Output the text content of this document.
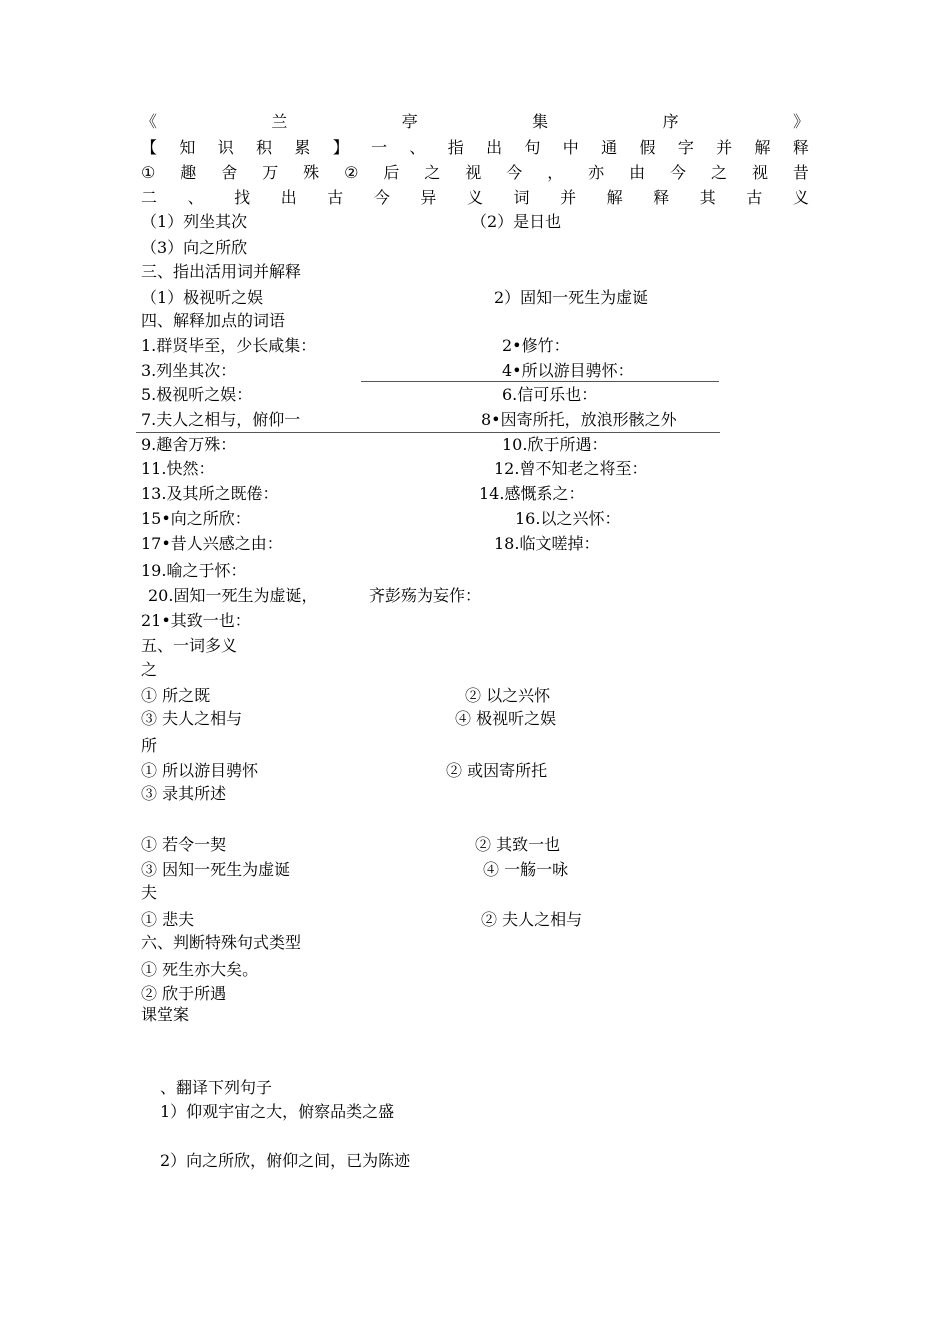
《	兰	亭	集	序	》
【 知 识 积 累 】 一 、 指 出 句 中 通 假 字 并 解 释
① 趣 舍 万 殊 ② 后 之 视 今 ， 亦 由 今 之 视 昔
二 、 找 出 古 今 异 义 词 并 解 释 其 古 义
（1）列坐其次	（2）是日也
（3）向之所欣
三、指出活用词并解释
（1）极视听之娱	2）固知一死生为虚诞
四、解释加点的词语
1.群贤毕至，少长咸集：	2•修竹：
3.列坐其次：	4•所以游目骋怀：
5.极视听之娱：	6.信可乐也：
7.夫人之相与，俯仰一	8•因寄所托，放浪形骸之外
9.趣舍万殊：	10.欣于所遇：
11.快然：	12.曾不知老之将至：
13.及其所之既倦：	14.感慨系之：
15•向之所欣：	16.以之兴怀：
17•昔人兴感之由：	18.临文嗟掉：
19.喻之于怀：
20.固知一死生为虚诞，	齐彭殇为妄作：
21•其致一也：
五、一词多义
之
① 所之既	② 以之兴怀
③ 夫人之相与	④ 极视听之娱
所
① 所以游目骋怀	② 或因寄所托
③ 录其所述
① 若令一契	② 其致一也
③ 因知一死生为虚诞	④ 一觞一咏
夫
① 悲夫	② 夫人之相与
六、判断特殊句式类型
① 死生亦大矣。
② 欣于所遇
课堂案
、翻译下列句子
1）仰观宇宙之大，俯察品类之盛
2）向之所欣，俯仰之间，已为陈迹
